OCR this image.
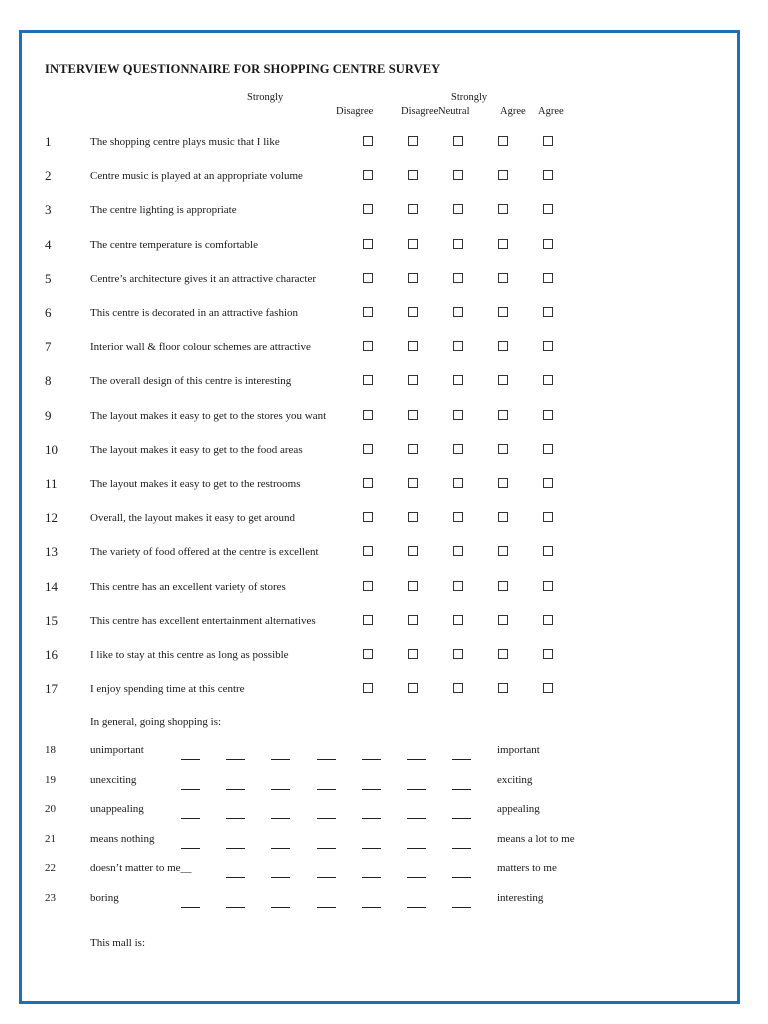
INTERVIEW QUESTIONNAIRE FOR SHOPPING CENTRE SURVEY
Strongly
Disagree	Disagree
Strongly
Neutral	Agree Agree
1	The shopping centre plays music that I like
2	Centre music is played at an appropriate volume
3	The centre lighting is appropriate
4	The centre temperature is comfortable
5	Centre’s architecture gives it an attractive character
6	This centre is decorated in an attractive fashion
7	Interior wall & floor colour schemes are attractive
8	The overall design of this centre is interesting
9	The layout makes it easy to get to the stores you want
10	The layout makes it easy to get to the food areas
11	The layout makes it easy to get to the restrooms
12	Overall, the layout makes it easy to get around
13	The variety of food offered at the centre is excellent
14	This centre has an excellent variety of stores
15	This centre has excellent entertainment alternatives
16	I like to stay at this centre as long as possible
17	I enjoy spending time at this centre
In general, going shopping is:
18	unimportant	important
19	unexciting	exciting
20	unappealing	appealing
21	means nothing	means a lot to me
22	doesn’t matter to me__	matters to me
23	boring	interesting
This mall is:
